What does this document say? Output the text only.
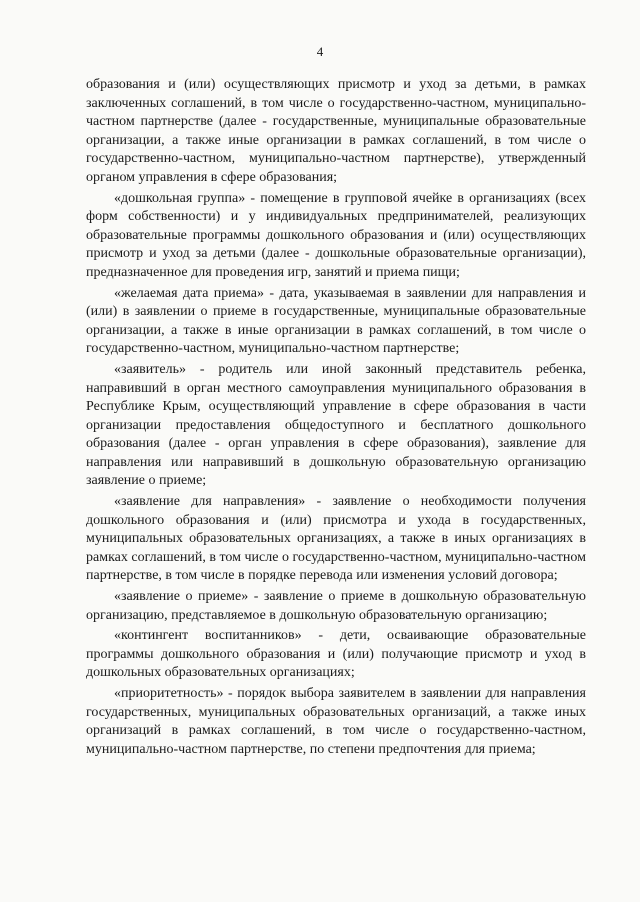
4

образования и (или) осуществляющих присмотр и уход за детьми, в рамках заключенных соглашений, в том числе о государственно-частном, муниципально-частном партнерстве (далее - государственные, муниципальные образовательные организации, а также иные организации в рамках соглашений, в том числе о государственно-частном, муниципально-частном партнерстве), утвержденный органом управления в сфере образования;

«дошкольная группа» - помещение в групповой ячейке в организациях (всех форм собственности) и у индивидуальных предпринимателей, реализующих образовательные программы дошкольного образования и (или) осуществляющих присмотр и уход за детьми (далее - дошкольные образовательные организации), предназначенное для проведения игр, занятий и приема пищи;

«желаемая дата приема» - дата, указываемая в заявлении для направления и (или) в заявлении о приеме в государственные, муниципальные образовательные организации, а также в иные организации в рамках соглашений, в том числе о государственно-частном, муниципально-частном партнерстве;

«заявитель» - родитель или иной законный представитель ребенка, направивший в орган местного самоуправления муниципального образования в Республике Крым, осуществляющий управление в сфере образования в части организации предоставления общедоступного и бесплатного дошкольного образования (далее - орган управления в сфере образования), заявление для направления или направивший в дошкольную образовательную организацию заявление о приеме;

«заявление для направления» - заявление о необходимости получения дошкольного образования и (или) присмотра и ухода в государственных, муниципальных образовательных организациях, а также в иных организациях в рамках соглашений, в том числе о государственно-частном, муниципально-частном партнерстве, в том числе в порядке перевода или изменения условий договора;

«заявление о приеме» - заявление о приеме в дошкольную образовательную организацию, представляемое в дошкольную образовательную организацию;

«контингент воспитанников» - дети, осваивающие образовательные программы дошкольного образования и (или) получающие присмотр и уход в дошкольных образовательных организациях;

«приоритетность» - порядок выбора заявителем в заявлении для направления государственных, муниципальных образовательных организаций, а также иных организаций в рамках соглашений, в том числе о государственно-частном, муниципально-частном партнерстве, по степени предпочтения для приема;
